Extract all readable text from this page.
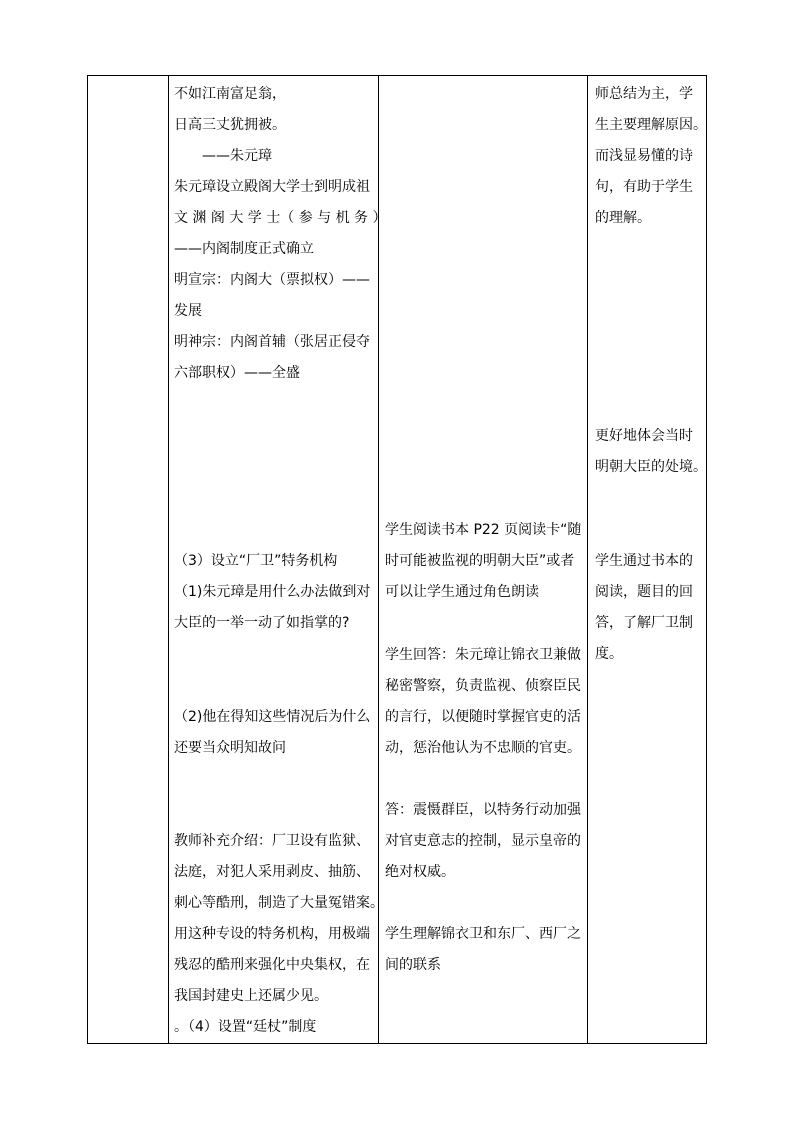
不如江南富足翁，
日高三丈犹拥被。
　　——朱元璋
朱元璋设立殿阁大学士到明成祖
文 渊 阁 大 学 士（ 参 与 机 务 ）
——内阁制度正式确立
明宣宗：内阁大（票拟权）——
发展
明神宗：内阁首辅（张居正侵夺
六部职权）——全盛
（3）设立“厂卫”特务机构
（1)朱元璋是用什么办法做到对
大臣的一举一动了如指掌的?
（2)他在得知这些情况后为什么
还要当众明知故问
教师补充介绍：厂卫设有监狱、
法庭，对犯人采用剥皮、抽筋、
刺心等酷刑，制造了大量冤错案。
用这种专设的特务机构，用极端
残忍的酷刑来强化中央集权，在
我国封建史上还属少见。
。（4）设置“廷杖”制度
学生阅读书本 P22 页阅读卡“随
时可能被监视的明朝大臣”或者
可以让学生通过角色朗读
学生回答：朱元璋让锦衣卫兼做
秘密警察，负责监视、侦察臣民
的言行，以便随时掌握官吏的活
动，惩治他认为不忠顺的官吏。
答：震慑群臣，以特务行动加强
对官吏意志的控制，显示皇帝的
绝对权威。
学生理解锦衣卫和东厂、西厂之
间的联系
师总结为主，学
生主要理解原因。
而浅显易懂的诗
句，有助于学生
的理解。
更好地体会当时
明朝大臣的处境。
学生通过书本的
阅读，题目的回
答，了解厂卫制
度。
